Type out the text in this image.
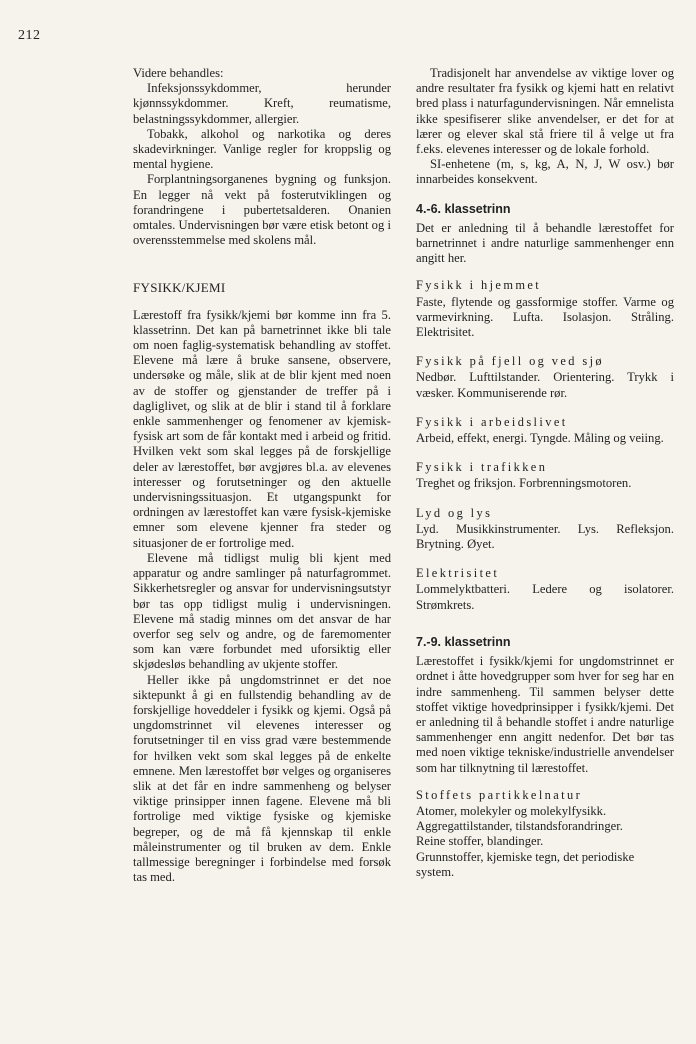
212

Videre behandles:

Infeksjonssykdommer, herunder kjønnssykdommer. Kreft, reumatisme, belastningssykdommer, allergier.

Tobakk, alkohol og narkotika og deres skadevirkninger. Vanlige regler for kroppslig og mental hygiene.

Forplantningsorganenes bygning og funksjon. En legger nå vekt på fosterutviklingen og forandringene i pubertetsalderen. Onanien omtales. Undervisningen bør være etisk betont og i overensstemmelse med skolens mål.

FYSIKK/KJEMI

Lærestoff fra fysikk/kjemi bør komme inn fra 5. klassetrinn. Det kan på barnetrinnet ikke bli tale om noen faglig-systematisk behandling av stoffet. Elevene må lære å bruke sansene, observere, undersøke og måle, slik at de blir kjent med noen av de stoffer og gjenstander de treffer på i dagliglivet, og slik at de blir i stand til å forklare enkle sammenhenger og fenomener av kjemisk-fysisk art som de får kontakt med i arbeid og fritid. Hvilken vekt som skal legges på de forskjellige deler av lærestoffet, bør avgjøres bl.a. av elevenes interesser og forutsetninger og den aktuelle undervisningssituasjon. Et utgangspunkt for ordningen av lærestoffet kan være fysisk-kjemiske emner som elevene kjenner fra steder og situasjoner de er fortrolige med.

Elevene må tidligst mulig bli kjent med apparatur og andre samlinger på naturfagrommet. Sikkerhetsregler og ansvar for undervisningsutstyr bør tas opp tidligst mulig i undervisningen. Elevene må stadig minnes om det ansvar de har overfor seg selv og andre, og de faremomenter som kan være forbundet med uforsiktig eller skjødesløs behandling av ukjente stoffer.

Heller ikke på ungdomstrinnet er det noe siktepunkt å gi en fullstendig behandling av de forskjellige hoveddeler i fysikk og kjemi. Også på ungdomstrinnet vil elevenes interesser og forutsetninger til en viss grad være bestemmende for hvilken vekt som skal legges på de enkelte emnene. Men lærestoffet bør velges og organiseres slik at det får en indre sammenheng og belyser viktige prinsipper innen fagene. Elevene må bli fortrolige med viktige fysiske og kjemiske begreper, og de må få kjennskap til enkle måleinstrumenter og til bruken av dem. Enkle tallmessige beregninger i forbindelse med forsøk tas med.

Tradisjonelt har anvendelse av viktige lover og andre resultater fra fysikk og kjemi hatt en relativt bred plass i naturfagundervisningen. Når emnelista ikke spesifiserer slike anvendelser, er det for at lærer og elever skal stå friere til å velge ut fra f.eks. elevenes interesser og de lokale forhold.

SI-enhetene (m, s, kg, A, N, J, W osv.) bør innarbeides konsekvent.

4.-6. klassetrinn

Det er anledning til å behandle lærestoffet for barnetrinnet i andre naturlige sammenhenger enn angitt her.

Fysikk i hjemmet

Faste, flytende og gassformige stoffer. Varme og varmevirkning. Lufta. Isolasjon. Stråling. Elektrisitet.

Fysikk på fjell og ved sjø

Nedbør. Lufttilstander. Orientering. Trykk i væsker. Kommuniserende rør.

Fysikk i arbeidslivet

Arbeid, effekt, energi. Tyngde. Måling og veiing.

Fysikk i trafikken

Treghet og friksjon. Forbrenningsmotoren.

Lyd og lys

Lyd. Musikkinstrumenter. Lys. Refleksjon. Brytning. Øyet.

Elektrisitet

Lommelyktbatteri. Ledere og isolatorer. Strømkrets.

7.-9. klassetrinn

Lærestoffet i fysikk/kjemi for ungdomstrinnet er ordnet i åtte hovedgrupper som hver for seg har en indre sammenheng. Til sammen belyser dette stoffet viktige hovedprinsipper i fysikk/kjemi. Det er anledning til å behandle stoffet i andre naturlige sammenhenger enn angitt nedenfor. Det bør tas med noen viktige tekniske/industrielle anvendelser som har tilknytning til lærestoffet.

Stoffets partikkelnatur

Atomer, molekyler og molekylfysikk.

Aggregattilstander, tilstandsforandringer.

Reine stoffer, blandinger.

Grunnstoffer, kjemiske tegn, det periodiske system.
